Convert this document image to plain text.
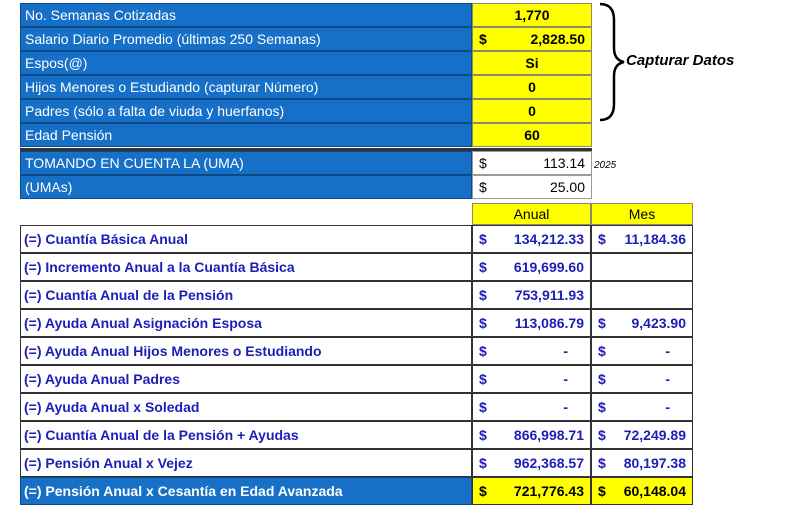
No. Semanas Cotizadas	1,770
Salario Diario Promedio (últimas 250 Semanas)	$	2,828.50
Espos(@)	Si
Hijos Menores o Estudiando (capturar Número)	0
Padres (sólo a falta de viuda y huerfanos)	0
Edad Pensión	60
Capturar Datos
TOMANDO EN CUENTA LA (UMA)	$	113.14 2025
(UMAs)	$	25.00
Anual	Mes
(=) Cuantía Básica Anual	$ 134,212.33 $ 11,184.36
(=) Incremento Anual a la Cuantía Básica	$ 619,699.60
(=) Cuantía Anual de la Pensión	$ 753,911.93
(=) Ayuda Anual Asignación Esposa	$ 113,086.79 $ 9,423.90
(=) Ayuda Anual Hijos Menores o Estudiando	$	-	$	-
(=) Ayuda Anual Padres	$	-	$	-
(=) Ayuda Anual x Soledad	$	-	$	-
(=) Cuantía Anual de la Pensión + Ayudas	$ 866,998.71 $ 72,249.89
(=) Pensión Anual x Vejez	$ 962,368.57 $ 80,197.38
(=) Pensión Anual x Cesantía en Edad Avanzada	$ 721,776.43 $ 60,148.04
